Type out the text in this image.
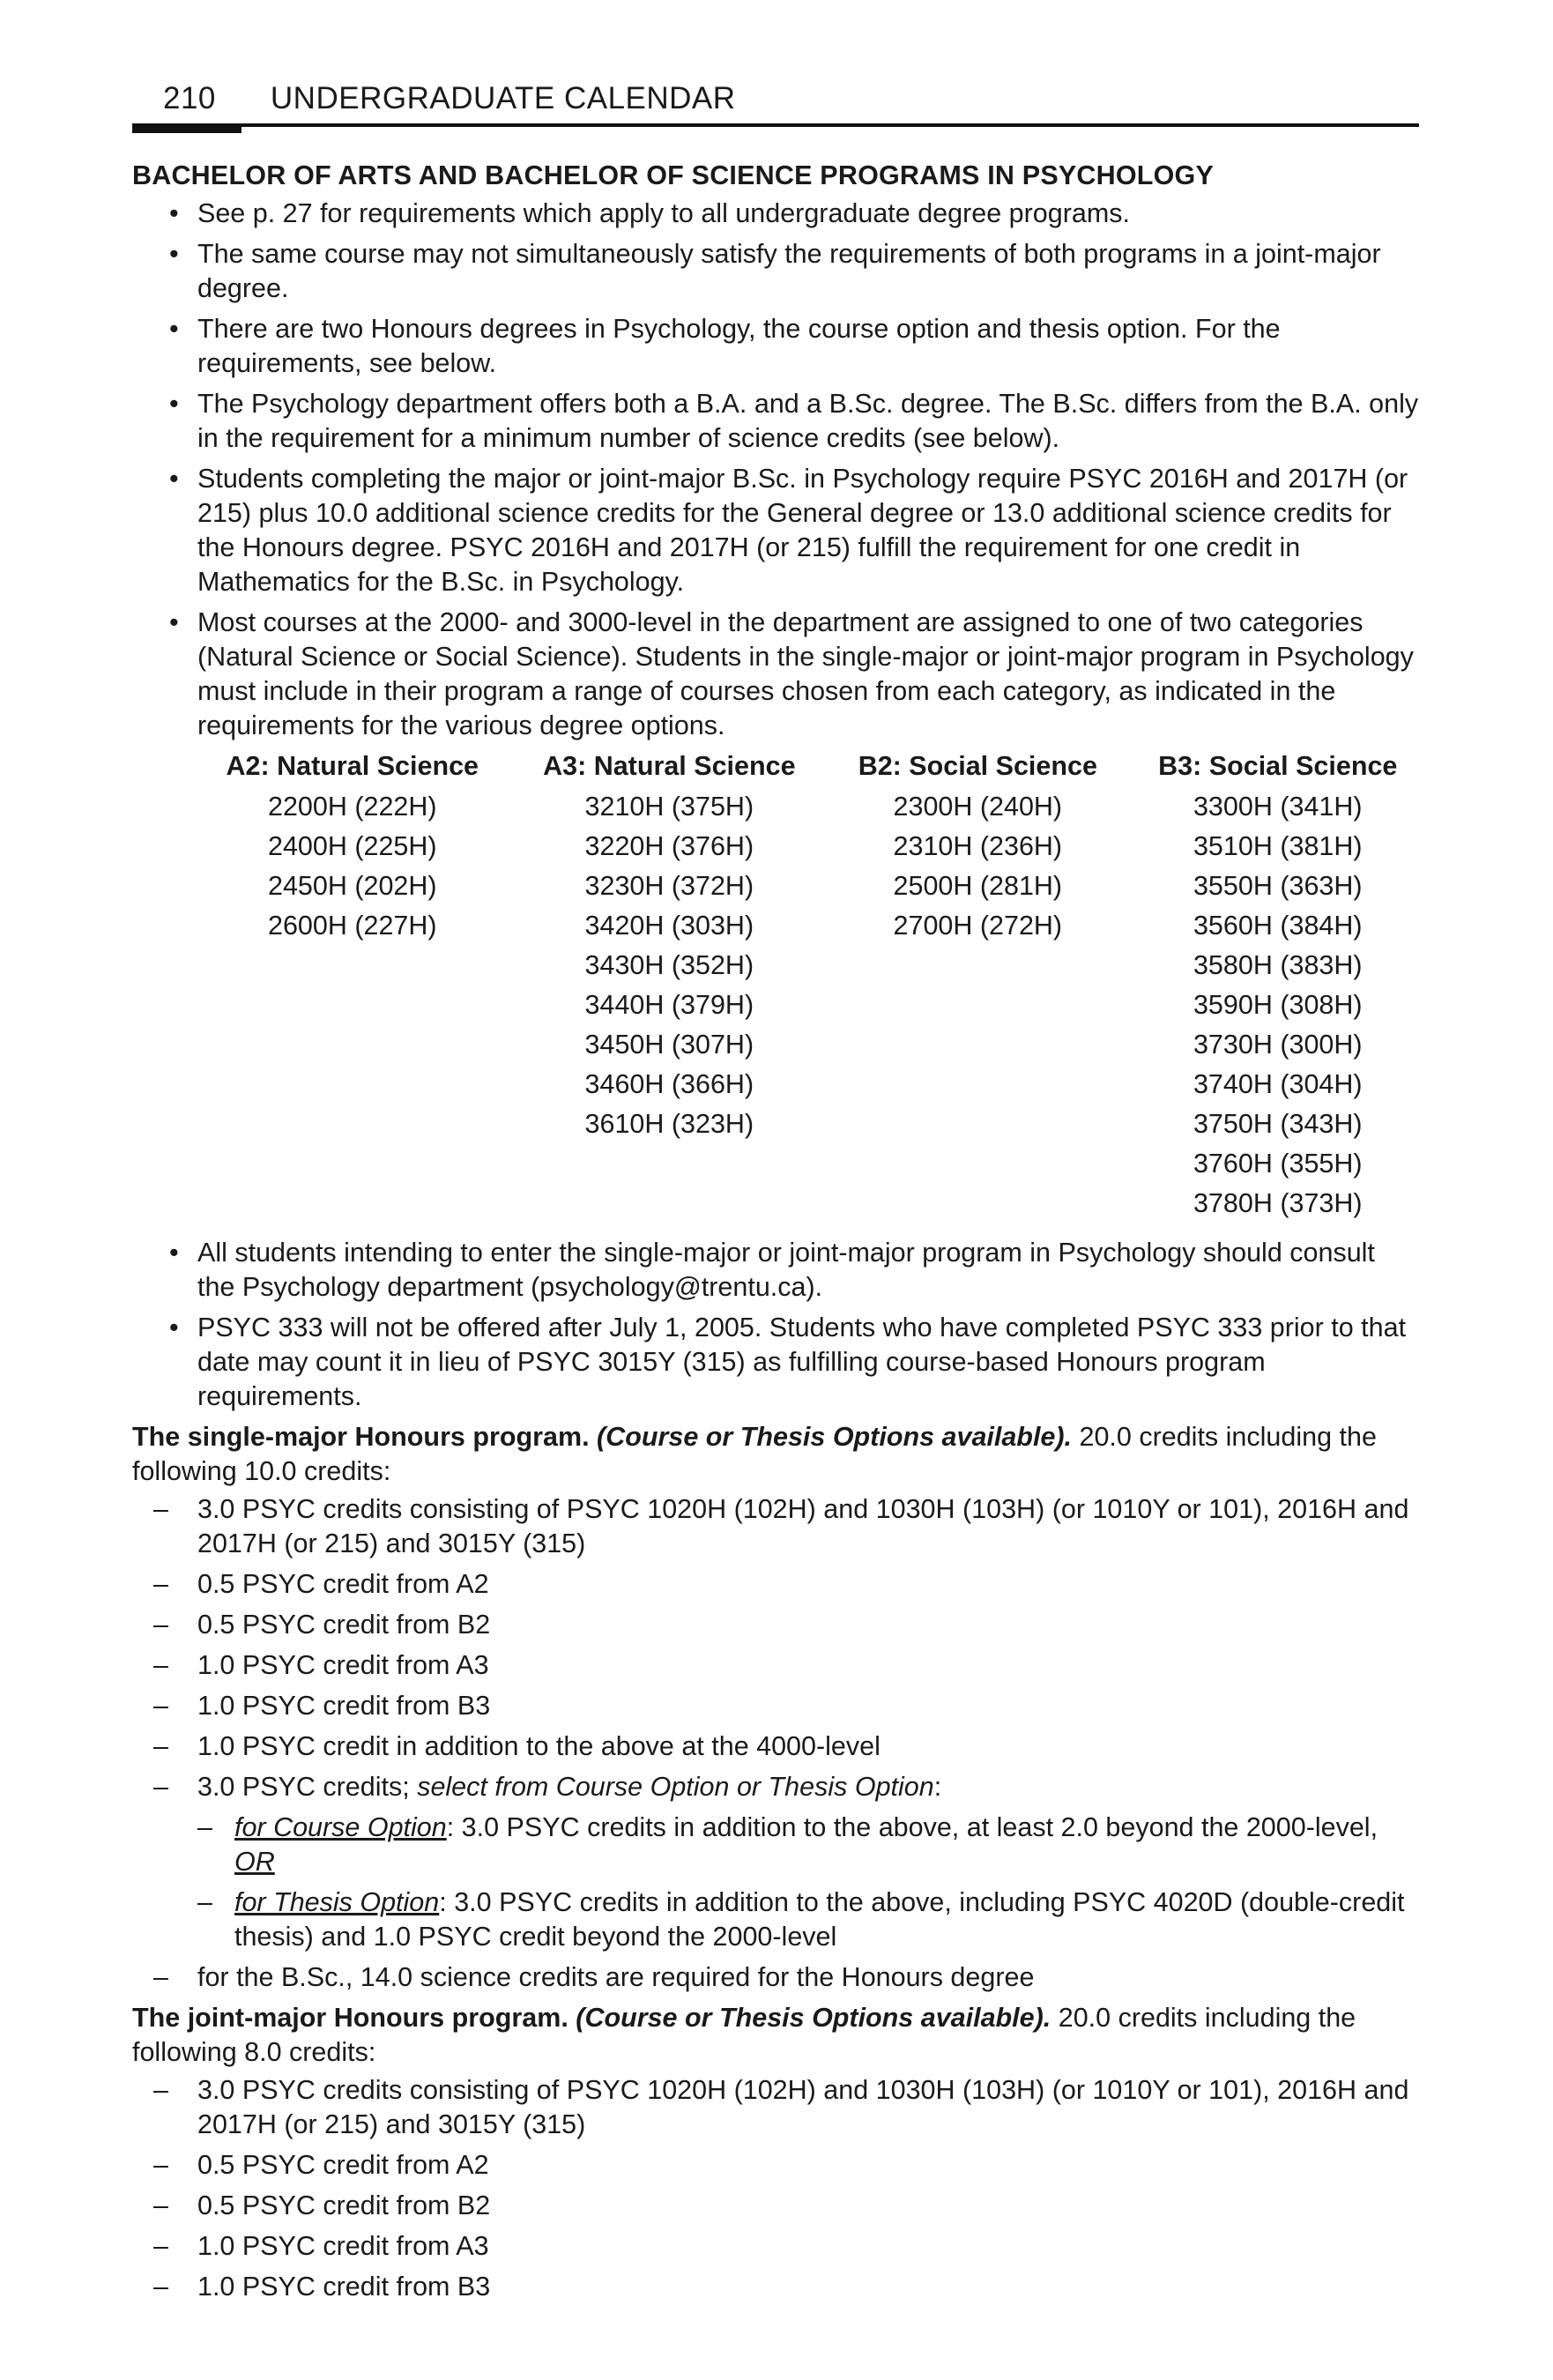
210 UNDERGRADUATE CALENDAR
BACHELOR OF ARTS AND BACHELOR OF SCIENCE PROGRAMS IN PSYCHOLOGY
• See p. 27 for requirements which apply to all undergraduate degree programs.
• The same course may not simultaneously satisfy the requirements of both programs in a joint-major degree.
• There are two Honours degrees in Psychology, the course option and thesis option. For the requirements, see below.
• The Psychology department offers both a B.A. and a B.Sc. degree. The B.Sc. differs from the B.A. only in the requirement for a minimum number of science credits (see below).
• Students completing the major or joint-major B.Sc. in Psychology require PSYC 2016H and 2017H (or 215) plus 10.0 additional science credits for the General degree or 13.0 additional science credits for the Honours degree. PSYC 2016H and 2017H (or 215) fulfill the requirement for one credit in Mathematics for the B.Sc. in Psychology.
• Most courses at the 2000- and 3000-level in the department are assigned to one of two categories (Natural Science or Social Science). Students in the single-major or joint-major program in Psychology must include in their program a range of courses chosen from each category, as indicated in the requirements for the various degree options.
A2: Natural Science	A3: Natural Science	B2: Social Science	B3: Social Science
2200H (222H)	3210H (375H)	2300H (240H)	3300H (341H)
2400H (225H)	3220H (376H)	2310H (236H)	3510H (381H)
2450H (202H)	3230H (372H)	2500H (281H)	3550H (363H)
2600H (227H)	3420H (303H)	2700H (272H)	3560H (384H)
	3430H (352H)		3580H (383H)
	3440H (379H)		3590H (308H)
	3450H (307H)		3730H (300H)
	3460H (366H)		3740H (304H)
	3610H (323H)		3750H (343H)
			3760H (355H)
			3780H (373H)
• All students intending to enter the single-major or joint-major program in Psychology should consult the Psychology department (psychology@trentu.ca).
• PSYC 333 will not be offered after July 1, 2005. Students who have completed PSYC 333 prior to that date may count it in lieu of PSYC 3015Y (315) as fulfilling course-based Honours program requirements.
The single-major Honours program. (Course or Thesis Options available). 20.0 credits including the following 10.0 credits:
– 3.0 PSYC credits consisting of PSYC 1020H (102H) and 1030H (103H) (or 1010Y or 101), 2016H and 2017H (or 215) and 3015Y (315)
– 0.5 PSYC credit from A2
– 0.5 PSYC credit from B2
– 1.0 PSYC credit from A3
– 1.0 PSYC credit from B3
– 1.0 PSYC credit in addition to the above at the 4000-level
– 3.0 PSYC credits; select from Course Option or Thesis Option:
– for Course Option: 3.0 PSYC credits in addition to the above, at least 2.0 beyond the 2000-level, OR
– for Thesis Option: 3.0 PSYC credits in addition to the above, including PSYC 4020D (double-credit thesis) and 1.0 PSYC credit beyond the 2000-level
– for the B.Sc., 14.0 science credits are required for the Honours degree
The joint-major Honours program. (Course or Thesis Options available). 20.0 credits including the following 8.0 credits:
– 3.0 PSYC credits consisting of PSYC 1020H (102H) and 1030H (103H) (or 1010Y or 101), 2016H and 2017H (or 215) and 3015Y (315)
– 0.5 PSYC credit from A2
– 0.5 PSYC credit from B2
– 1.0 PSYC credit from A3
– 1.0 PSYC credit from B3
